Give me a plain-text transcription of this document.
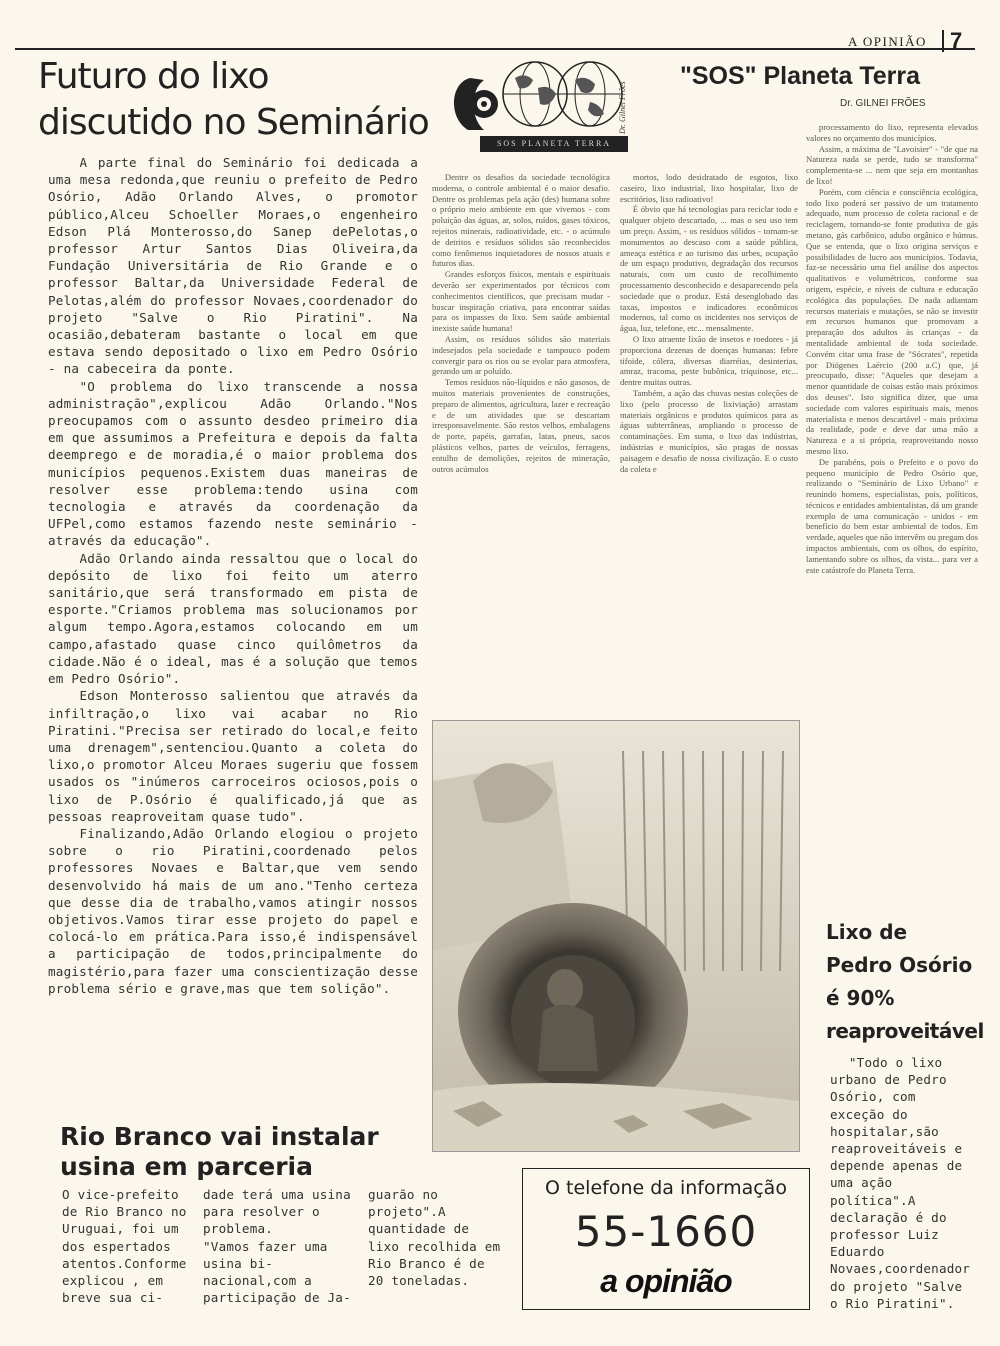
A OPINIÃO 7
Futuro do lixo
discutido no Seminário

A parte final do Seminário foi dedicada a uma mesa redonda,que reuniu o prefeito de Pedro Osório, Adão Orlando Alves, o promotor público,Alceu Schoeller Moraes,o engenheiro Edson Plá Monterosso,do Sanep dePelotas,o professor Artur Santos Dias Oliveira,da Fundação Universitária de Rio Grande e o professor Baltar,da Universidade Federal de Pelotas,além do professor Novaes,coordenador do projeto "Salve o Rio Piratini". Na ocasião,debateram bastante o local em que estava sendo depositado o lixo em Pedro Osório - na cabeceira da ponte.

"O problema do lixo transcende a nossa administração",explicou Adão Orlando."Nos preocupamos com o assunto desdeo primeiro dia em que assumimos a Prefeitura e depois da falta deemprego e de moradia,é o maior problema dos municípios pequenos.Existem duas maneiras de resolver esse problema:tendo usina com tecnologia e através da coordenação da UFPel,como estamos fazendo neste seminário - através da educação".

Adão Orlando ainda ressaltou que o local do depósito de lixo foi feito um aterro sanitário,que será transformado em pista de esporte."Criamos problema mas solucionamos por algum tempo.Agora,estamos colocando em um campo,afastado quase cinco quilômetros da cidade.Não é o ideal, mas é a solução que temos em Pedro Osório".

Edson Monterosso salientou que através da infiltração,o lixo vai acabar no Rio Piratini."Precisa ser retirado do local,e feito uma drenagem",sentenciou.Quanto a coleta do lixo,o promotor Alceu Moraes sugeriu que fossem usados os "inúmeros carroceiros ociosos,pois o lixo de P.Osório é qualificado,já que as pessoas reaproveitam quase tudo".

Finalizando,Adão Orlando elogiou o projeto sobre o rio Piratini,coordenado pelos professores Novaes e Baltar,que vem sendo desenvolvido há mais de um ano."Tenho certeza que desse dia de trabalho,vamos atingir nossos objetivos.Vamos tirar esse projeto do papel e colocá-lo em prática.Para isso,é indispensável a participação de todos,principalmente do magistério,para fazer uma conscientização desse problema sério e grave,mas que tem solição".

SOS PLANETA TERRA
Dr. Gilnei Frões
"SOS" Planeta Terra
Dr. GILNEI FRÕES

Dentre os desafios da sociedade tecnológica moderna, o controle ambiental é o maior desafio. Dentre os problemas pela ação (des) humana sobre o próprio meio ambiente em que vivemos - com poluição das águas, ar, solos, ruídos, gases tóxicos, rejeitos minerais, radioatividade, etc. - o acúmulo de detritos e resíduos sólidos são reconhecidos como fenômenos inquietadores de nossos atuais e futuros dias.

Grandes esforços físicos, mentais e espirituais deverão ser experimentados por técnicos com conhecimentos científicos, que precisam mudar - buscar inspiração criativa, para encontrar saídas para os impasses do lixo. Sem saúde ambiental inexiste saúde humana!

Assim, os resíduos sólidos são materiais indesejados pela sociedade e tampouco podem convergir para os rios ou se evolar para atmosfera, gerando um ar poluído.

Temos resíduos não-líquidos e não gasosos, de muitos materiais provenientes de construções, preparo de alimentos, agricultura, lazer e recreação e de um atividades que se descartam irresponsavelmente. São restos velhos, embalagens de porte, papéis, garrafas, latas, pneus, sacos plásticos velhos, partes de veículos, ferragens, entulho de demolições, rejeitos de mineração, outros acúmulos

mortos, lodo desidratado de esgotos, lixo caseiro, lixo industrial, lixo hospitalar, lixo de escritórios, lixo radioativo!

É óbvio que há tecnologias para reciclar todo e qualquer objeto descartado, ... mas o seu uso tem um preço. Assim, - os resíduos sólidos - tornam-se monumentos ao descaso com a saúde pública, ameaça estética e ao turismo das urbes, ocupação de um espaço produtivo, degradação dos recursos naturais, com um custo de recolhimento processamento desconhecido e desaparecendo pela sociedade que o produz. Está desenglobado das taxas, impostos e indicadores econômicos modernos, tal como os incidentes nos serviços de água, luz, telefone, etc... mensalmente.

O lixo atraente lixão de insetos e roedores - já proporciona dezenas de doenças humanas: febre tifoide, cólera, diversas diarréias, desinterias, amraz, tracoma, peste bubônica, triquinose, etc... dentre muitas outras.

Também, a ação das chuvas nestas coleções de lixo (pelo processo de lixiviação) arrastam materiais orgânicos e produtos químicos para as águas subterrâneas, ampliando o processo de contaminações. Em suma, o lixo das indústrias, indústrias e municípios, são pragas de nossas paisagem e desafio de nossa civilização. E o custo da coleta e

processamento do lixo, representa elevados valores no orçamento dos municípios.

Assim, a máxima de "Lavoisier" - "de que na Natureza nada se perde, tudo se transforma" complementa-se ... nem que seja em montanhas de lixo!

Porém, com ciência e consciência ecológica, todo lixo poderá ser passivo de um tratamento adequado, num processo de coleta racional e de reciclagem, tornando-se fonte produtiva de gás metano, gás carbônico, adubo orgânico e húmus. Que se entenda, que o lixo origina serviços e possibilidades de lucro aos municípios. Todavia, faz-se necessário uma fiel análise dos aspectos qualitativos e volumétricos, conforme sua origem, espécie, e níveis de cultura e educação ecológica das populações. De nada adiantam recursos materiais e mutações, se não se investir em recursos humanos que promovam a preparação dos adultos às crianças - da mentalidade ambiental de toda sociedade. Convém citar uma frase de "Sócrates", repetida por Diógenes Laércio (200 a.C) que, já preocupado, disse: "Aqueles que desejam a menor quantidade de coisas estão mais próximos dos deuses". Isto significa dizer, que uma sociedade com valores espirituais mais, menos materialista e menos descartável - mais próxima da realidade, pode e deve dar uma mão a Natureza e a si própria, reaproveitando nosso mesmo lixo.

De parabéns, pois o Prefeito e o povo do pequeno município de Pedro Osório que, realizando o "Seminário de Lixo Urbano" e reunindo homens, especialistas, pois, políticos, técnicos e entidades ambientalistas, dá um grande exemplo de uma comunicação - unidos - em benefício do bem estar ambiental de todos. Em verdade, aqueles que não intervêm ou pregam dos impactos ambientais, com os olhos, do espírito, lamentando sobre os olhos, da vista... para ver a este catástrofe do Planeta Terra.

Rio Branco vai instalar
usina em parceria
O vice-prefeito de Rio Branco no Uruguai, foi um dos espertados atentos.Conforme explicou , em breve sua ci-
dade terá uma usina para resolver o problema.
"Vamos fazer uma usina bi-nacional,com a participação de Ja-
guarão no projeto".A quantidade de lixo recolhida em Rio Branco é de 20 toneladas.
O telefone da informação
55-1660
a opinião
Lixo de
Pedro Osório
é 90%
reaproveitável
"Todo o lixo urbano de Pedro Osório, com exceção do hospitalar,são reaproveitáveis e depende apenas de uma ação política".A declaração é do professor Luiz Eduardo Novaes,coordenador do projeto "Salve o Rio Piratini".
